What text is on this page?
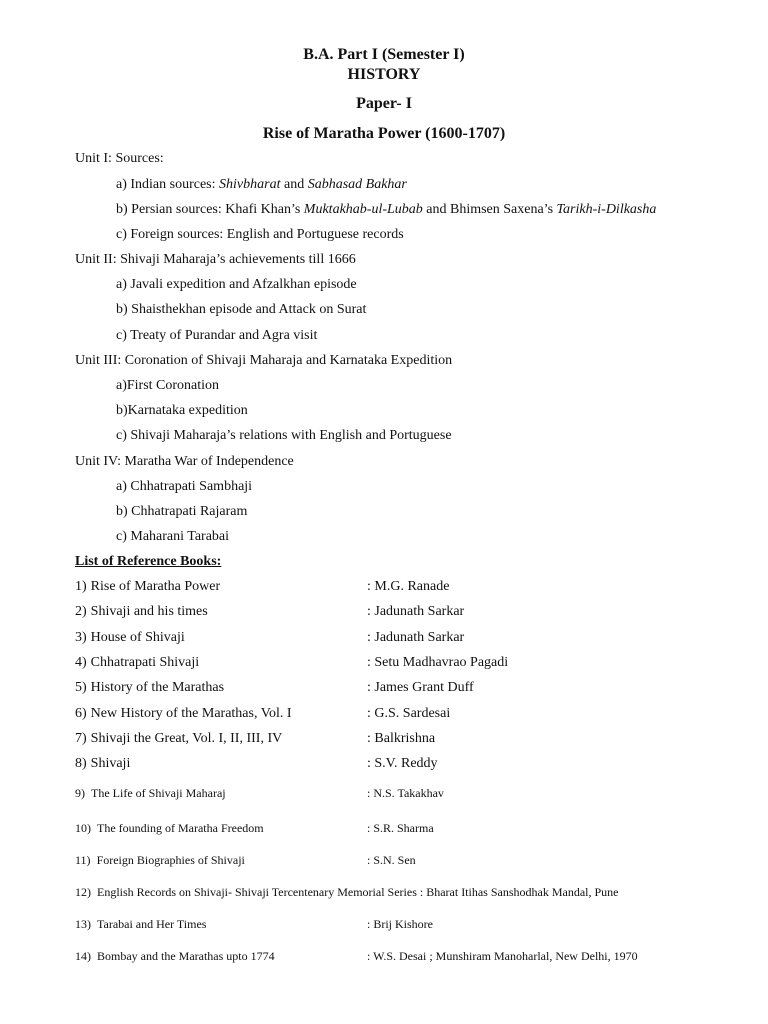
B.A. Part I (Semester I)
HISTORY
Paper- I
Rise of Maratha Power (1600-1707)
Unit I: Sources:
a) Indian sources: Shivbharat and Sabhasad Bakhar
b) Persian sources: Khafi Khan’s Muktakhab-ul-Lubab and Bhimsen Saxena’s Tarikh-i-Dilkasha
c) Foreign sources: English and Portuguese records
Unit II: Shivaji Maharaja’s achievements till 1666
a) Javali expedition and Afzalkhan episode
b) Shaisthekhan episode and Attack on Surat
c) Treaty of Purandar and Agra visit
Unit III: Coronation of Shivaji Maharaja and Karnataka Expedition
a)First Coronation
b)Karnataka expedition
c) Shivaji Maharaja’s relations with English and Portuguese
Unit IV: Maratha War of Independence
a) Chhatrapati Sambhaji
b) Chhatrapati Rajaram
c) Maharani Tarabai
List of Reference Books:
1) Rise of Maratha Power	: M.G. Ranade
2) Shivaji and his times	: Jadunath Sarkar
3) House of Shivaji	: Jadunath Sarkar
4) Chhatrapati Shivaji	: Setu Madhavrao Pagadi
5) History of the Marathas	: James Grant Duff
6) New History of the Marathas, Vol. I	: G.S. Sardesai
7) Shivaji the Great, Vol. I, II, III, IV	: Balkrishna
8) Shivaji	: S.V. Reddy
9) The Life of Shivaji Maharaj	: N.S. Takakhav
10) The founding of Maratha Freedom	: S.R. Sharma
11) Foreign Biographies of Shivaji	: S.N. Sen
12) English Records on Shivaji- Shivaji Tercentenary Memorial Series : Bharat Itihas Sanshodhak Mandal, Pune
13) Tarabai and Her Times	: Brij Kishore
14) Bombay and the Marathas upto 1774	: W.S. Desai ; Munshiram Manoharlal, New Delhi, 1970
